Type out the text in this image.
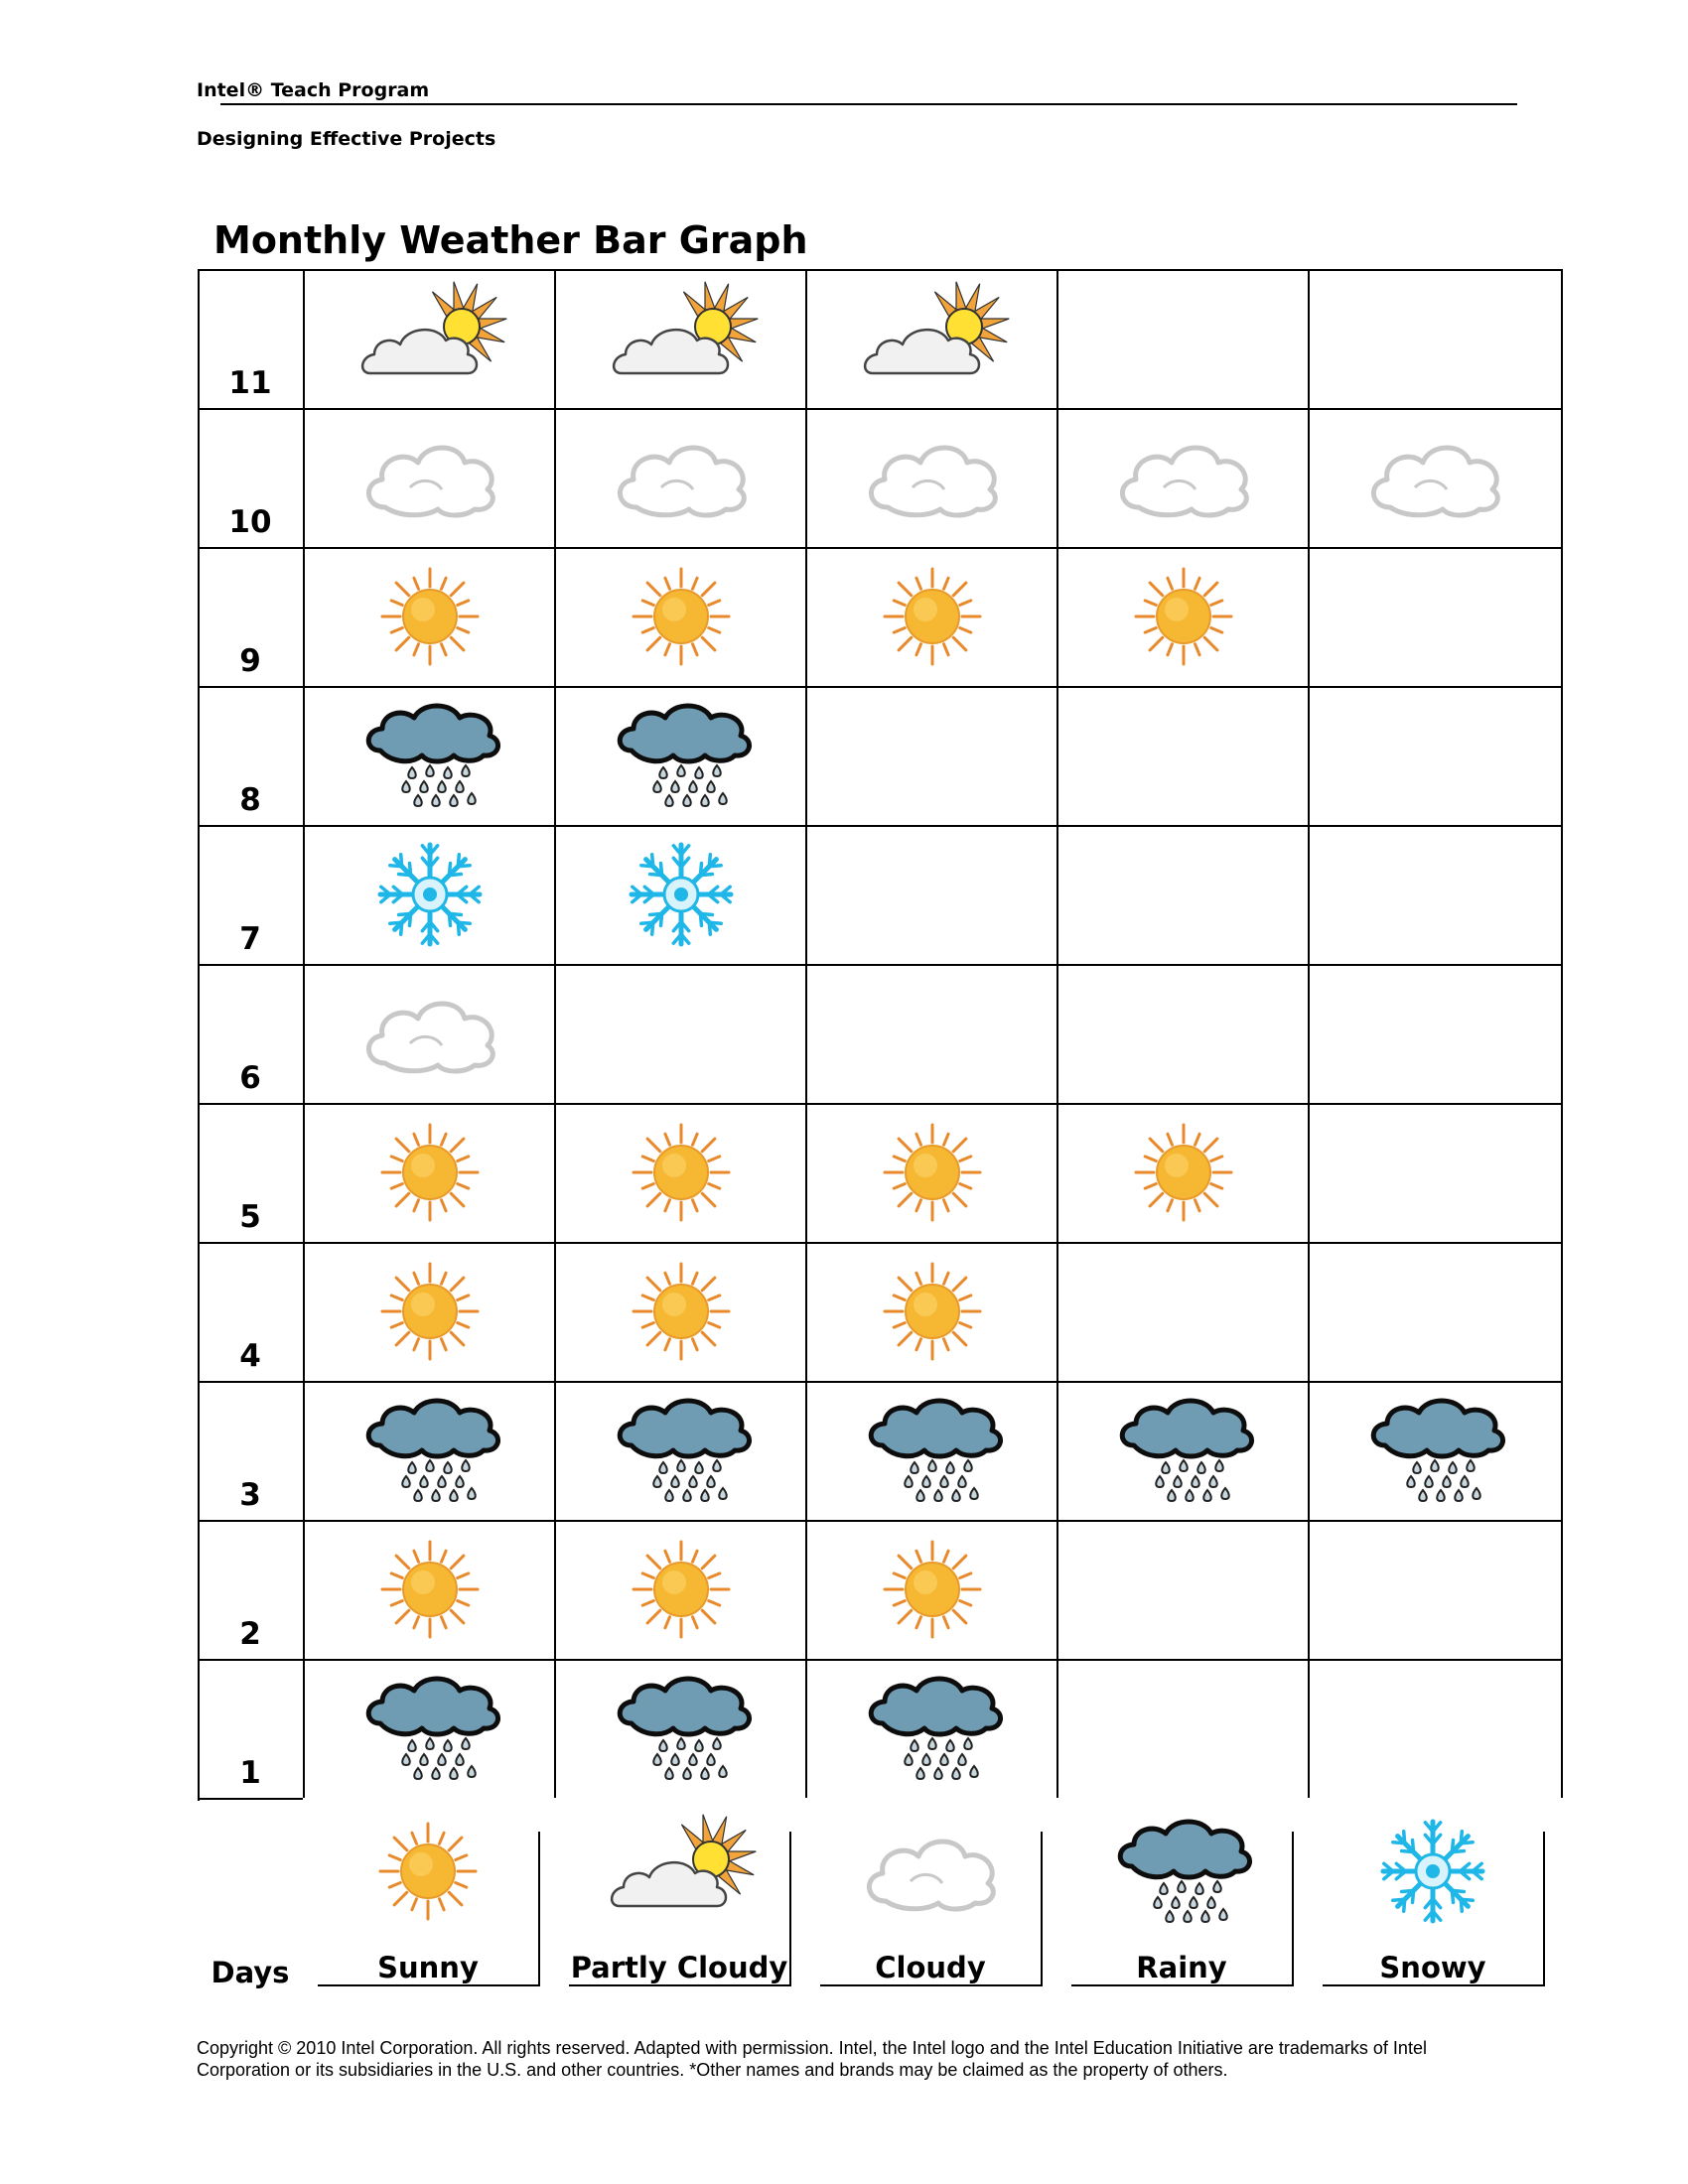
Intel® Teach Program
Designing Effective Projects
Monthly Weather Bar Graph
11
10
9
8
7
6
5
4
3
2
1
Days	Sunny	Partly Cloudy	Cloudy	Rainy	Snowy
Copyright © 2010 Intel Corporation. All rights reserved. Adapted with permission. Intel, the Intel logo and the Intel Education Initiative are trademarks of Intel Corporation or its subsidiaries in the U.S. and other countries. *Other names and brands may be claimed as the property of others.
